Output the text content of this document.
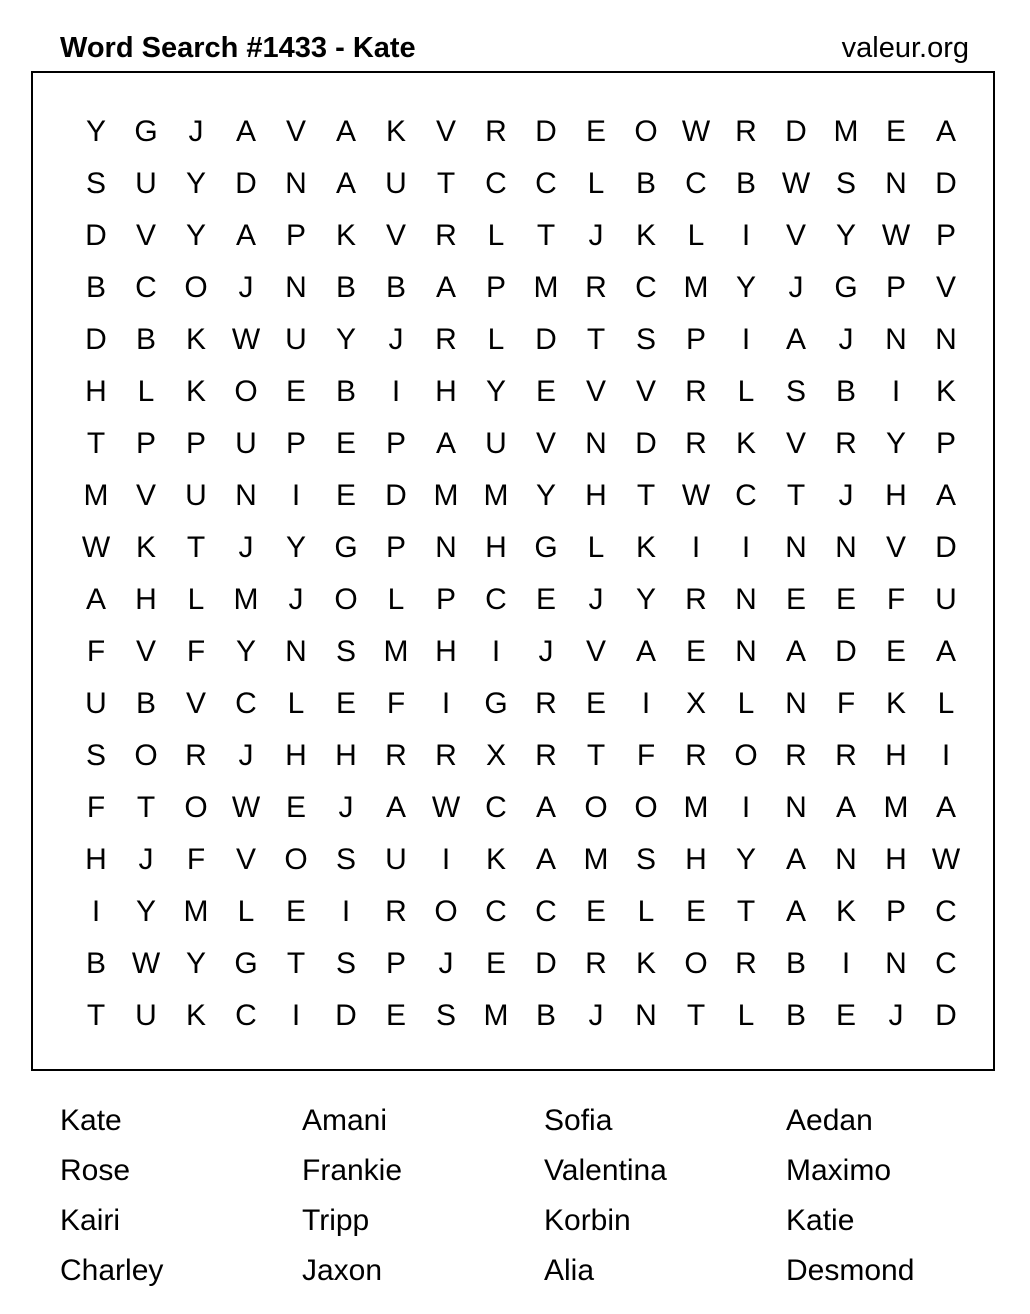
Word Search #1433 - Kate	valeur.org
Y G	J	A V A K V R D E O W R D M E A
S U Y D N A U	T	C C	L	B C B W S N D
D V Y A P K V R	L	T	J	K	L	I	V Y W P
B C O	J	N B B A P M R C M Y	J	G P V
D B K W U Y	J	R	L	D	T	S P	I	A	J	N N
H	L	K O E B	I	H Y E V V R	L	S B	I	K
T	P P U P E P A U V N D R K V R Y P
M V U N	I	E D M M Y H	T W C	T	J	H A
W K	T	J	Y G P N H G L	K	I	I	N N V D
A H	L M	J	O L	P C E	J	Y R N E E	F	U
F	V	F	Y N S M H	I	J	V A E N A D E A
U B V C	L	E	F	I	G R E	I	X	L	N	F	K	L
S O R	J	H H R R X R	T	F	R O R R H	I
F	T O W E	J	A W C A O O M	I	N A M A
H	J	F	V O S U	I	K A M S H Y A N H W
I	Y M L	E	I	R O C C E	L	E	T	A K P C
B W Y G T	S P	J	E D R K O R B	I	N C
T	U K C	I	D E S M B	J	N	T	L	B E	J	D
Kate	Amani	Sofia	Aedan
Rose	Frankie	Valentina	Maximo
Kairi	Tripp	Korbin	Katie
Charley	Jaxon	Alia	Desmond
